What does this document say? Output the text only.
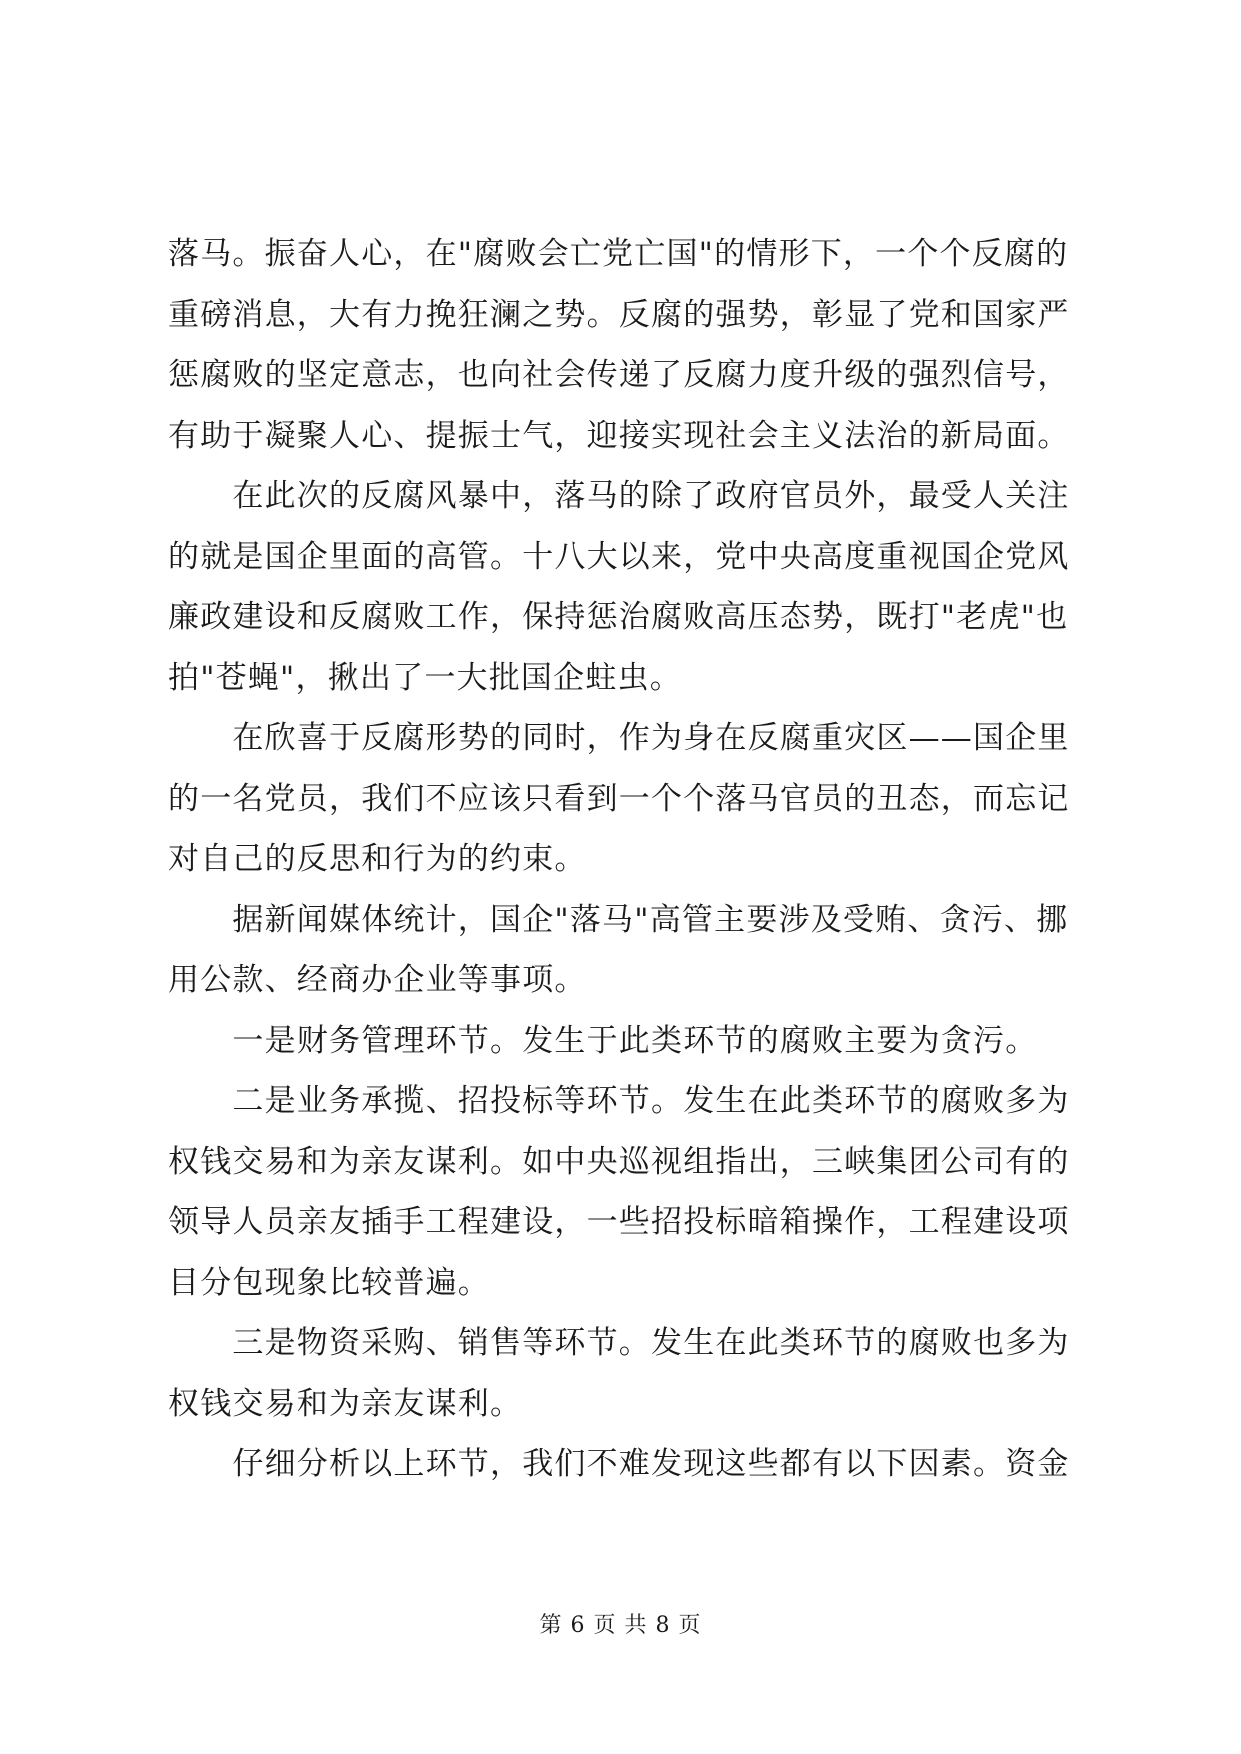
落马。振奋人心，在"腐败会亡党亡国"的情形下，一个个反腐的
重磅消息，大有力挽狂澜之势。反腐的强势，彰显了党和国家严
惩腐败的坚定意志，也向社会传递了反腐力度升级的强烈信号，
有助于凝聚人心、提振士气，迎接实现社会主义法治的新局面。
　　在此次的反腐风暴中，落马的除了政府官员外，最受人关注
的就是国企里面的高管。十八大以来，党中央高度重视国企党风
廉政建设和反腐败工作，保持惩治腐败高压态势，既打"老虎"也
拍"苍蝇"，揪出了一大批国企蛀虫。
　　在欣喜于反腐形势的同时，作为身在反腐重灾区——国企里
的一名党员，我们不应该只看到一个个落马官员的丑态，而忘记
对自己的反思和行为的约束。
　　据新闻媒体统计，国企"落马"高管主要涉及受贿、贪污、挪
用公款、经商办企业等事项。
　　一是财务管理环节。发生于此类环节的腐败主要为贪污。
　　二是业务承揽、招投标等环节。发生在此类环节的腐败多为
权钱交易和为亲友谋利。如中央巡视组指出，三峡集团公司有的
领导人员亲友插手工程建设，一些招投标暗箱操作，工程建设项
目分包现象比较普遍。
　　三是物资采购、销售等环节。发生在此类环节的腐败也多为
权钱交易和为亲友谋利。
　　仔细分析以上环节，我们不难发现这些都有以下因素。资金
第 6 页 共 8 页
